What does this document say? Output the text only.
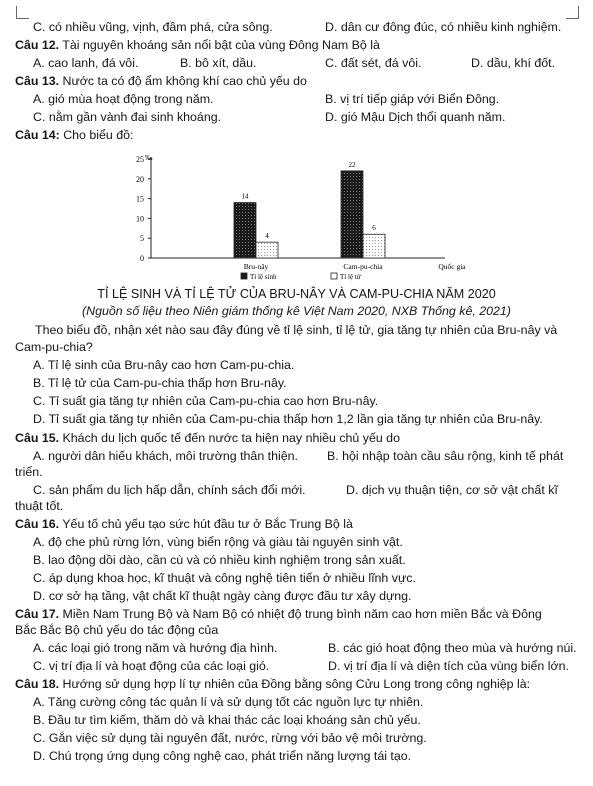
C. có nhiều vũng, vịnh, đầm phá, cửa sông.	D. dân cư đông đúc, có nhiều kinh nghiệm.
Câu 12. Tài nguyên khoáng sản nổi bật của vùng Đông Nam Bộ là
A. cao lanh, đá vôi.	B. bô xít, dầu.	C. đất sét, đá vôi.	D. dầu, khí đốt.
Câu 13. Nước ta có độ ẩm không khí cao chủ yếu do
A. gió mùa hoạt động trong năm.	B. vị trí tiếp giáp với Biển Đông.
C. nằm gần vành đai sinh khoáng.	D. gió Mậu Dịch thổi quanh năm.
Câu 14: Cho biểu đồ:
‰
0
5
10
15
20
25
14
4
Bru-nây
22
6
Cam-pu-chia	Quốc gia
Tỉ lệ sinh	Tỉ lệ tử
TỈ LỆ SINH VÀ TỈ LỆ TỬ CỦA BRU-NÂY VÀ CAM-PU-CHIA NĂM 2020
(Nguồn số liệu theo Niên giám thống kê Việt Nam 2020, NXB Thống kê, 2021)
Theo biểu đồ, nhận xét nào sau đây đúng về tỉ lệ sinh, tỉ lệ tử, gia tăng tự nhiên của Bru-nây và
Cam-pu-chia?
A. Tỉ lệ sinh của Bru-nây cao hơn Cam-pu-chia.
B. Tỉ lệ tử của Cam-pu-chia thấp hơn Bru-nây.
C. Tỉ suất gia tăng tự nhiên của Cam-pu-chia cao hơn Bru-nây.
D. Tỉ suất gia tăng tự nhiên của Cam-pu-chia thấp hơn 1,2 lần gia tăng tự nhiên của Bru-nây.
Câu 15. Khách du lịch quốc tế đến nước ta hiện nay nhiều chủ yếu do
A. người dân hiếu khách, môi trường thân thiện. B. hội nhập toàn cầu sâu rộng, kinh tế phát
triển.
C. sản phẩm du lịch hấp dẫn, chính sách đổi mới.	D. dịch vụ thuận tiện, cơ sở vật chất kĩ
thuật tốt.
Câu 16. Yếu tố chủ yếu tạo sức hút đầu tư ở Bắc Trung Bộ là
A. độ che phủ rừng lớn, vùng biển rộng và giàu tài nguyên sinh vật.
B. lao động dồi dào, cần cù và có nhiều kinh nghiệm trong sản xuất.
C. áp dụng khoa học, kĩ thuật và công nghệ tiên tiến ở nhiều lĩnh vực.
D. cơ sở hạ tầng, vật chất kĩ thuật ngày càng được đầu tư xây dựng.
Câu 17. Miền Nam Trung Bộ và Nam Bộ có nhiệt độ trung bình năm cao hơn miền Bắc và Đông
Bắc Bắc Bộ chủ yếu do tác động của
A. các loại gió trong năm và hướng địa hình.	B. các gió hoạt động theo mùa và hướng núi.
C. vị trí địa lí và hoạt động của các loại gió.	D. vị trí địa lí và diện tích của vùng biển lớn.
Câu 18. Hướng sử dụng hợp lí tự nhiên của Đồng bằng sông Cửu Long trong công nghiệp là:
A. Tăng cường công tác quản lí và sử dụng tốt các nguồn lực tự nhiên.
B. Đầu tư tìm kiếm, thăm dò và khai thác các loại khoáng sản chủ yếu.
C. Gắn việc sử dụng tài nguyên đất, nước, rừng với bảo vệ môi trường.
D. Chú trọng ứng dụng công nghệ cao, phát triển năng lượng tái tạo.
